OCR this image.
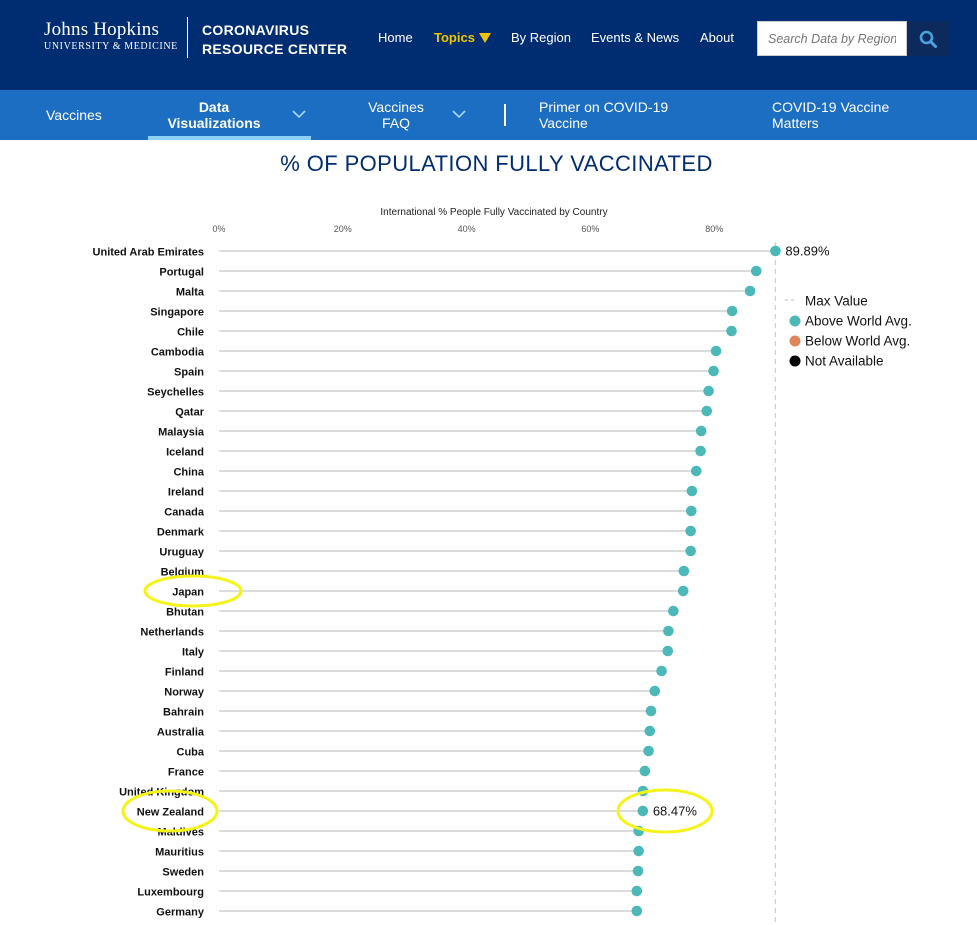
Johns Hopkins
UNIVERSITY & MEDICINE
CORONAVIRUS
RESOURCE CENTER
Home Topics	By Region Events & News About
Search Data by Region
Vaccines	Data
Visualizations
Vaccines
FAQ
Primer on COVID-19
Vaccine
COVID-19 Vaccine
Matters
% OF POPULATION FULLY VACCINATED
International % People Fully Vaccinated by Country
0%	20%	40%	60%	80%
United Arab Emirates
Portugal
Malta
Singapore
Chile
Cambodia
Spain
Seychelles
Qatar
Malaysia
Iceland
China
Ireland
Canada
Denmark
Uruguay
Belgium
Japan
Bhutan
Netherlands
Italy
Finland
Norway
Bahrain
Australia
Cuba
France
United Kingdom
New Zealand
Maldives
Mauritius
Sweden
Luxembourg
Germany
89.89%
68.47%
Max Value
Above World Avg.
Below World Avg.
Not Available
